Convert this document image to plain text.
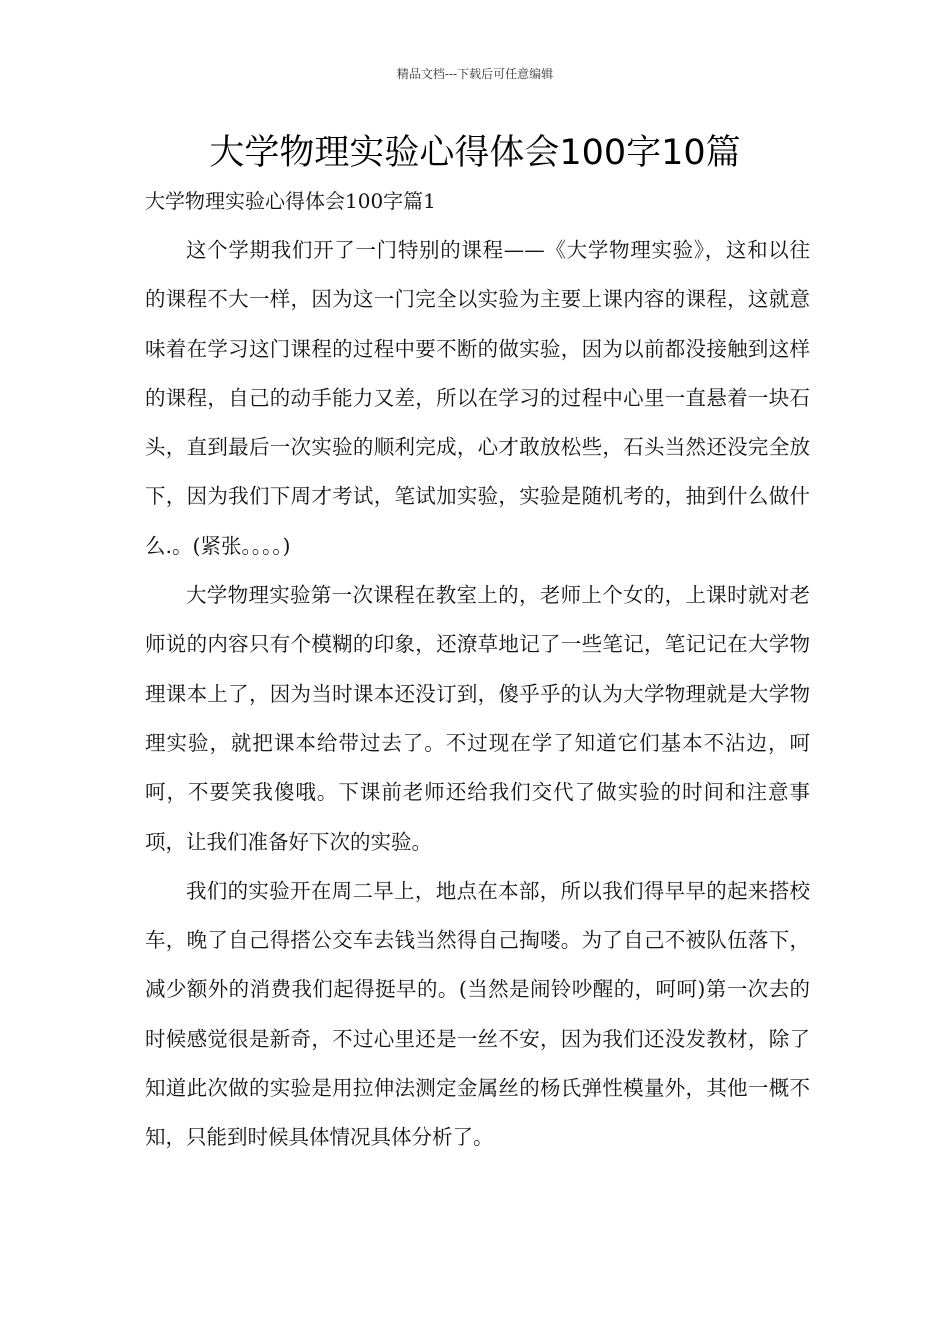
精品文档---下载后可任意编辑
大学物理实验心得体会100字10篇
大学物理实验心得体会100字篇1

这个学期我们开了一门特别的课程——《大学物理实验》，这和以往的课程不大一样，因为这一门完全以实验为主要上课内容的课程，这就意味着在学习这门课程的过程中要不断的做实验，因为以前都没接触到这样的课程，自己的动手能力又差，所以在学习的过程中心里一直悬着一块石头，直到最后一次实验的顺利完成，心才敢放松些，石头当然还没完全放下，因为我们下周才考试，笔试加实验，实验是随机考的，抽到什么做什么.。(紧张。。。。)

大学物理实验第一次课程在教室上的，老师上个女的，上课时就对老师说的内容只有个模糊的印象，还潦草地记了一些笔记，笔记记在大学物理课本上了，因为当时课本还没订到，傻乎乎的认为大学物理就是大学物理实验，就把课本给带过去了。不过现在学了知道它们基本不沾边，呵呵，不要笑我傻哦。下课前老师还给我们交代了做实验的时间和注意事项，让我们准备好下次的实验。

我们的实验开在周二早上，地点在本部，所以我们得早早的起来搭校车，晚了自己得搭公交车去钱当然得自己掏喽。为了自己不被队伍落下，减少额外的消费我们起得挺早的。(当然是闹铃吵醒的，呵呵)第一次去的时候感觉很是新奇，不过心里还是一丝不安，因为我们还没发教材，除了知道此次做的实验是用拉伸法测定金属丝的杨氏弹性模量外，其他一概不知，只能到时候具体情况具体分析了。
